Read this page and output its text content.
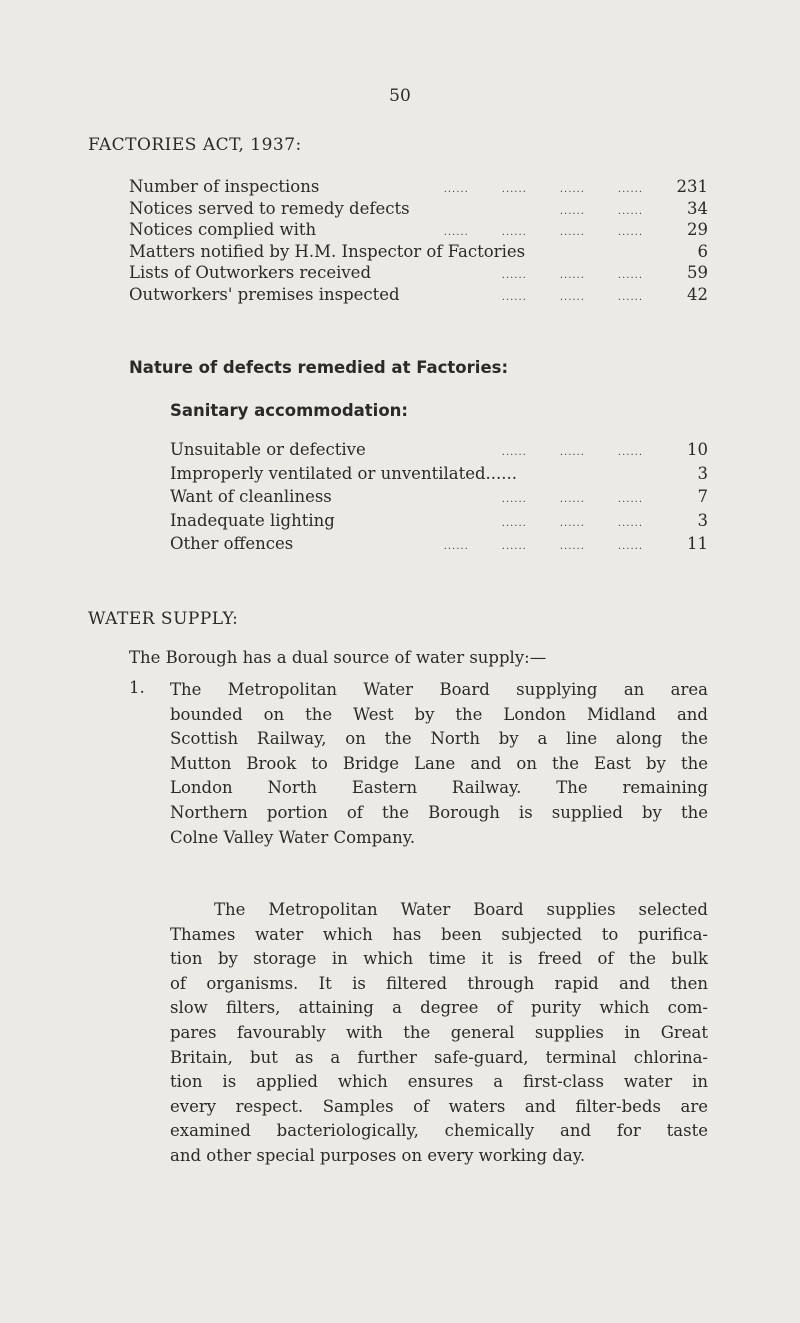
50
FACTORIES ACT, 1937:
Number of inspections	......	......	......	......	231
Notices served to remedy defects	......	......	34
Notices complied with	......	......	......	......	29
Matters notified by H.M. Inspector of Factories	6
Lists of Outworkers received	......	......	......	59
Outworkers' premises inspected	......	......	......	42
Nature of defects remedied at Factories:
Sanitary accommodation:
Unsuitable or defective	......	......	......	10
Improperly ventilated or unventilated......	3
Want of cleanliness	......	......	......	7
Inadequate lighting	......	......	......	3
Other offences	......	......	......	......	11
WATER SUPPLY:
The Borough has a dual source of water supply:—
1. The Metropolitan Water Board supplying an area
bounded on the West by the London Midland and
Scottish Railway, on the North by a line along the
Mutton Brook to Bridge Lane and on the East by the
London North Eastern Railway. The remaining
Northern portion of the Borough is supplied by the
Colne Valley Water Company.
The Metropolitan Water Board supplies selected
Thames water which has been subjected to purifica-
tion by storage in which time it is freed of the bulk
of organisms. It is filtered through rapid and then
slow filters, attaining a degree of purity which com-
pares favourably with the general supplies in Great
Britain, but as a further safe-guard, terminal chlorina-
tion is applied which ensures a first-class water in
every respect. Samples of waters and filter-beds are
examined bacteriologically, chemically and for taste
and other special purposes on every working day.
